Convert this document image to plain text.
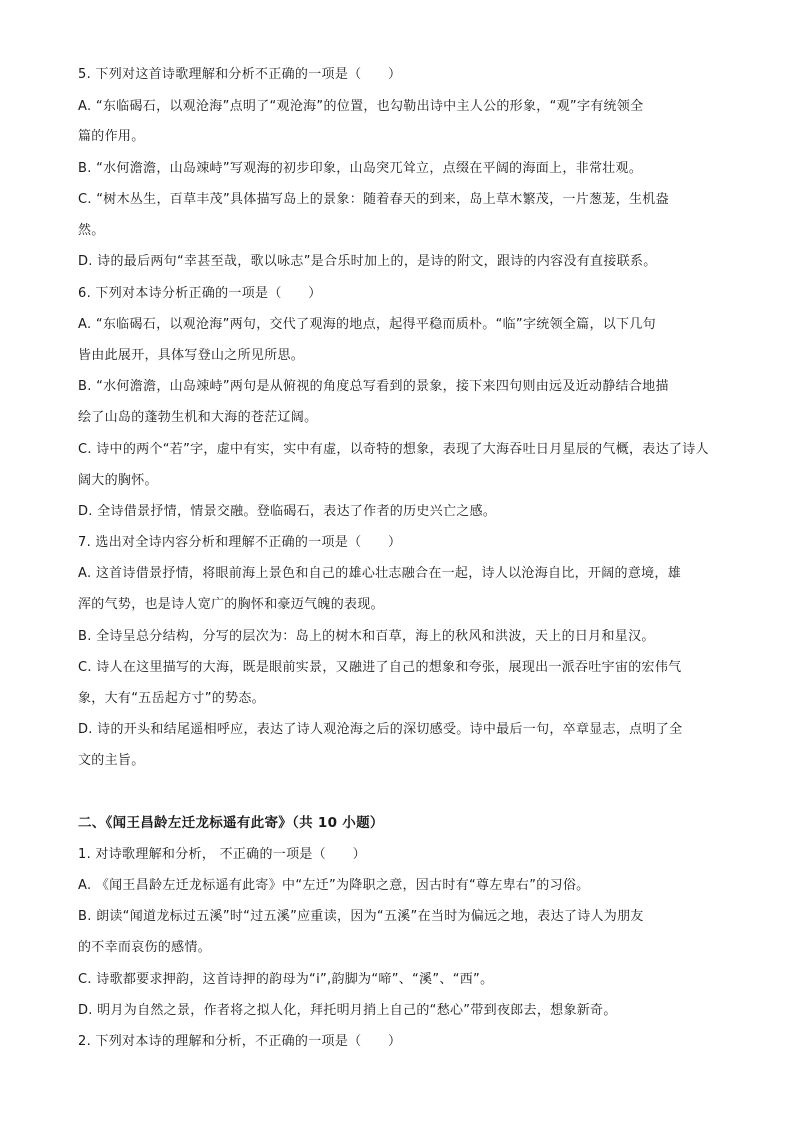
5. 下列对这首诗歌理解和分析不正确的一项是（　　）
A. “东临碣石，以观沧海”点明了“观沧海”的位置，也勾勒出诗中主人公的形象，“观”字有统领全
篇的作用。
B. “水何澹澹，山岛竦峙”写观海的初步印象，山岛突兀耸立，点缀在平阔的海面上，非常壮观。
C. “树木丛生，百草丰茂”具体描写岛上的景象：随着春天的到来，岛上草木繁茂，一片葱茏，生机盎
然。
D. 诗的最后两句“幸甚至哉，歌以咏志”是合乐时加上的，是诗的附文，跟诗的内容没有直接联系。
6. 下列对本诗分析正确的一项是（　　）
A. “东临碣石，以观沧海”两句，交代了观海的地点，起得平稳而质朴。“临”字统领全篇，以下几句
皆由此展开，具体写登山之所见所思。
B. “水何澹澹，山岛竦峙”两句是从俯视的角度总写看到的景象，接下来四句则由远及近动静结合地描
绘了山岛的蓬勃生机和大海的苍茫辽阔。
C. 诗中的两个“若”字，虚中有实，实中有虚，以奇特的想象，表现了大海吞吐日月星辰的气概，表达了诗人
阔大的胸怀。
D. 全诗借景抒情，情景交融。登临碣石，表达了作者的历史兴亡之感。
7. 选出对全诗内容分析和理解不正确的一项是（　　）
A. 这首诗借景抒情，将眼前海上景色和自己的雄心壮志融合在一起，诗人以沧海自比，开阔的意境，雄
浑的气势，也是诗人宽广的胸怀和豪迈气魄的表现。
B. 全诗呈总分结构，分写的层次为：岛上的树木和百草，海上的秋风和洪波，天上的日月和星汉。
C. 诗人在这里描写的大海，既是眼前实景，又融进了自己的想象和夸张，展现出一派吞吐宇宙的宏伟气
象，大有“五岳起方寸”的势态。
D. 诗的开头和结尾遥相呼应，表达了诗人观沧海之后的深切感受。诗中最后一句，卒章显志，点明了全
文的主旨。
二、《闻王昌龄左迁龙标遥有此寄》（共 10 小题）
1. 对诗歌理解和分析， 不正确的一项是（　　）
A. 《闻王昌龄左迁龙标遥有此寄》中“左迁”为降职之意，因古时有“尊左卑右”的习俗。
B. 朗读“闻道龙标过五溪”时“过五溪”应重读，因为“五溪”在当时为偏远之地，表达了诗人为朋友
的不幸而哀伤的感情。
C. 诗歌都要求押韵，这首诗押的韵母为“i”,韵脚为“啼”、“溪”、“西”。
D. 明月为自然之景，作者将之拟人化，拜托明月捎上自己的“愁心”带到夜郎去，想象新奇。
2. 下列对本诗的理解和分析，不正确的一项是（　　）
